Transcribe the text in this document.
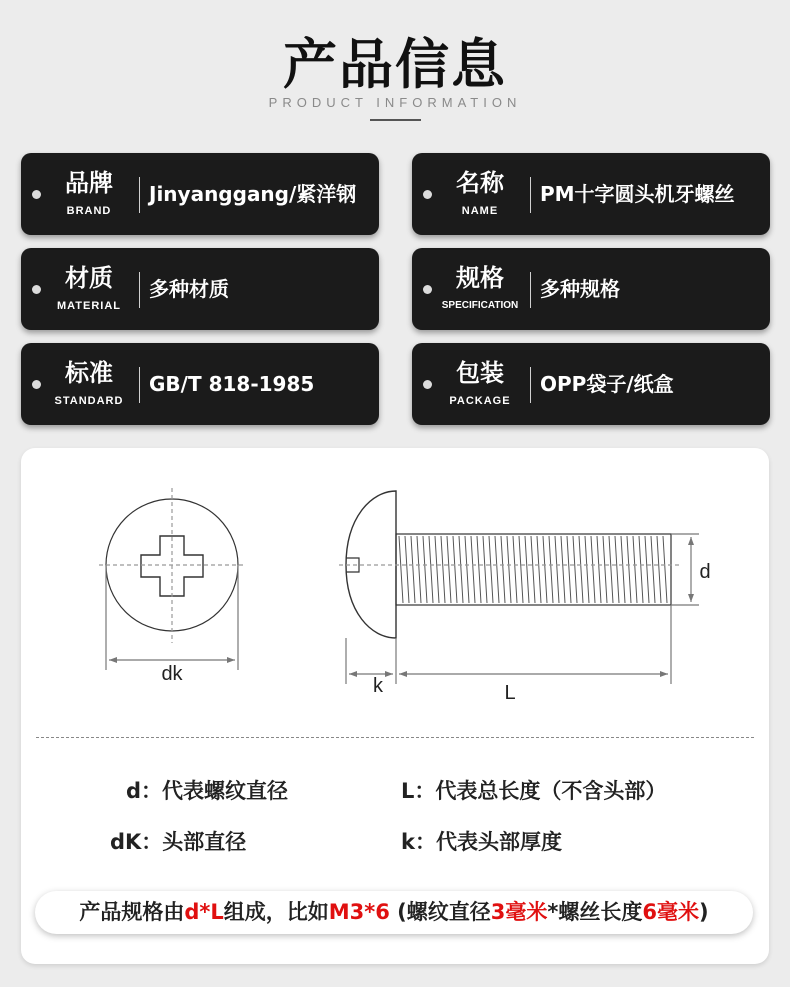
产品信息
PRODUCT INFORMATION
品牌
BRAND
Jinyanggang/紧洋钢	名称
NAME
PM十字圆头机牙螺丝
材质
MATERIAL
多种材质	规格
SPECIFICATION
多种规格
标准
STANDARD
GB/T 818-1985	包装
PACKAGE
OPP袋子/纸盒
dk
k	L
d
d：代表螺纹直径	L：代表总长度（不含头部）
dK：头部直径	k：代表头部厚度
产品规格由d*L组成，比如M3*6 (螺纹直径3毫米*螺丝长度6毫米)
